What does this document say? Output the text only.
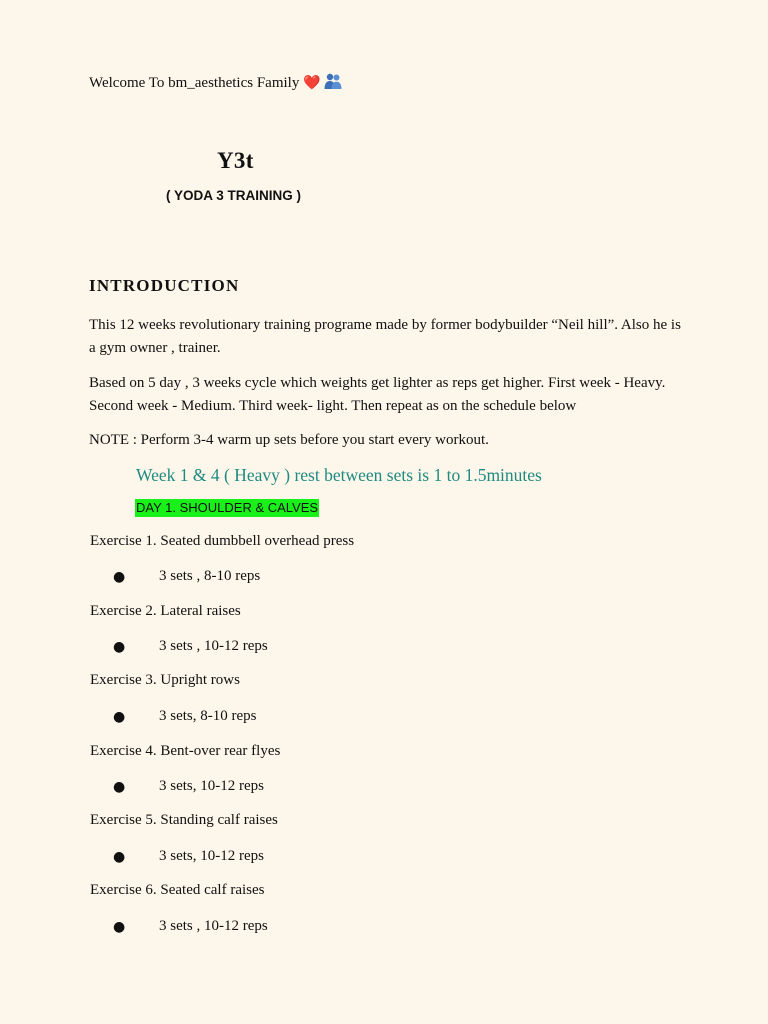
Welcome To bm_aesthetics Family ❤️
Y3t
( YODA 3 TRAINING )
INTRODUCTION
This 12 weeks revolutionary training programe made by former bodybuilder “Neil hill”. Also he is a gym owner , trainer.
Based on 5 day , 3 weeks cycle which weights get lighter as reps get higher. First week - Heavy. Second week - Medium. Third week- light. Then repeat as on the schedule below
NOTE : Perform 3-4 warm up sets before you start every workout.
Week 1 & 4 ( Heavy ) rest between sets is 1 to 1.5minutes
DAY 1. SHOULDER & CALVES
Exercise 1. Seated dumbbell overhead press
● 3 sets , 8-10 reps
Exercise 2. Lateral raises
● 3 sets , 10-12 reps
Exercise 3. Upright rows
● 3 sets, 8-10 reps
Exercise 4. Bent-over rear flyes
● 3 sets, 10-12 reps
Exercise 5. Standing calf raises
● 3 sets, 10-12 reps
Exercise 6. Seated calf raises
● 3 sets , 10-12 reps
